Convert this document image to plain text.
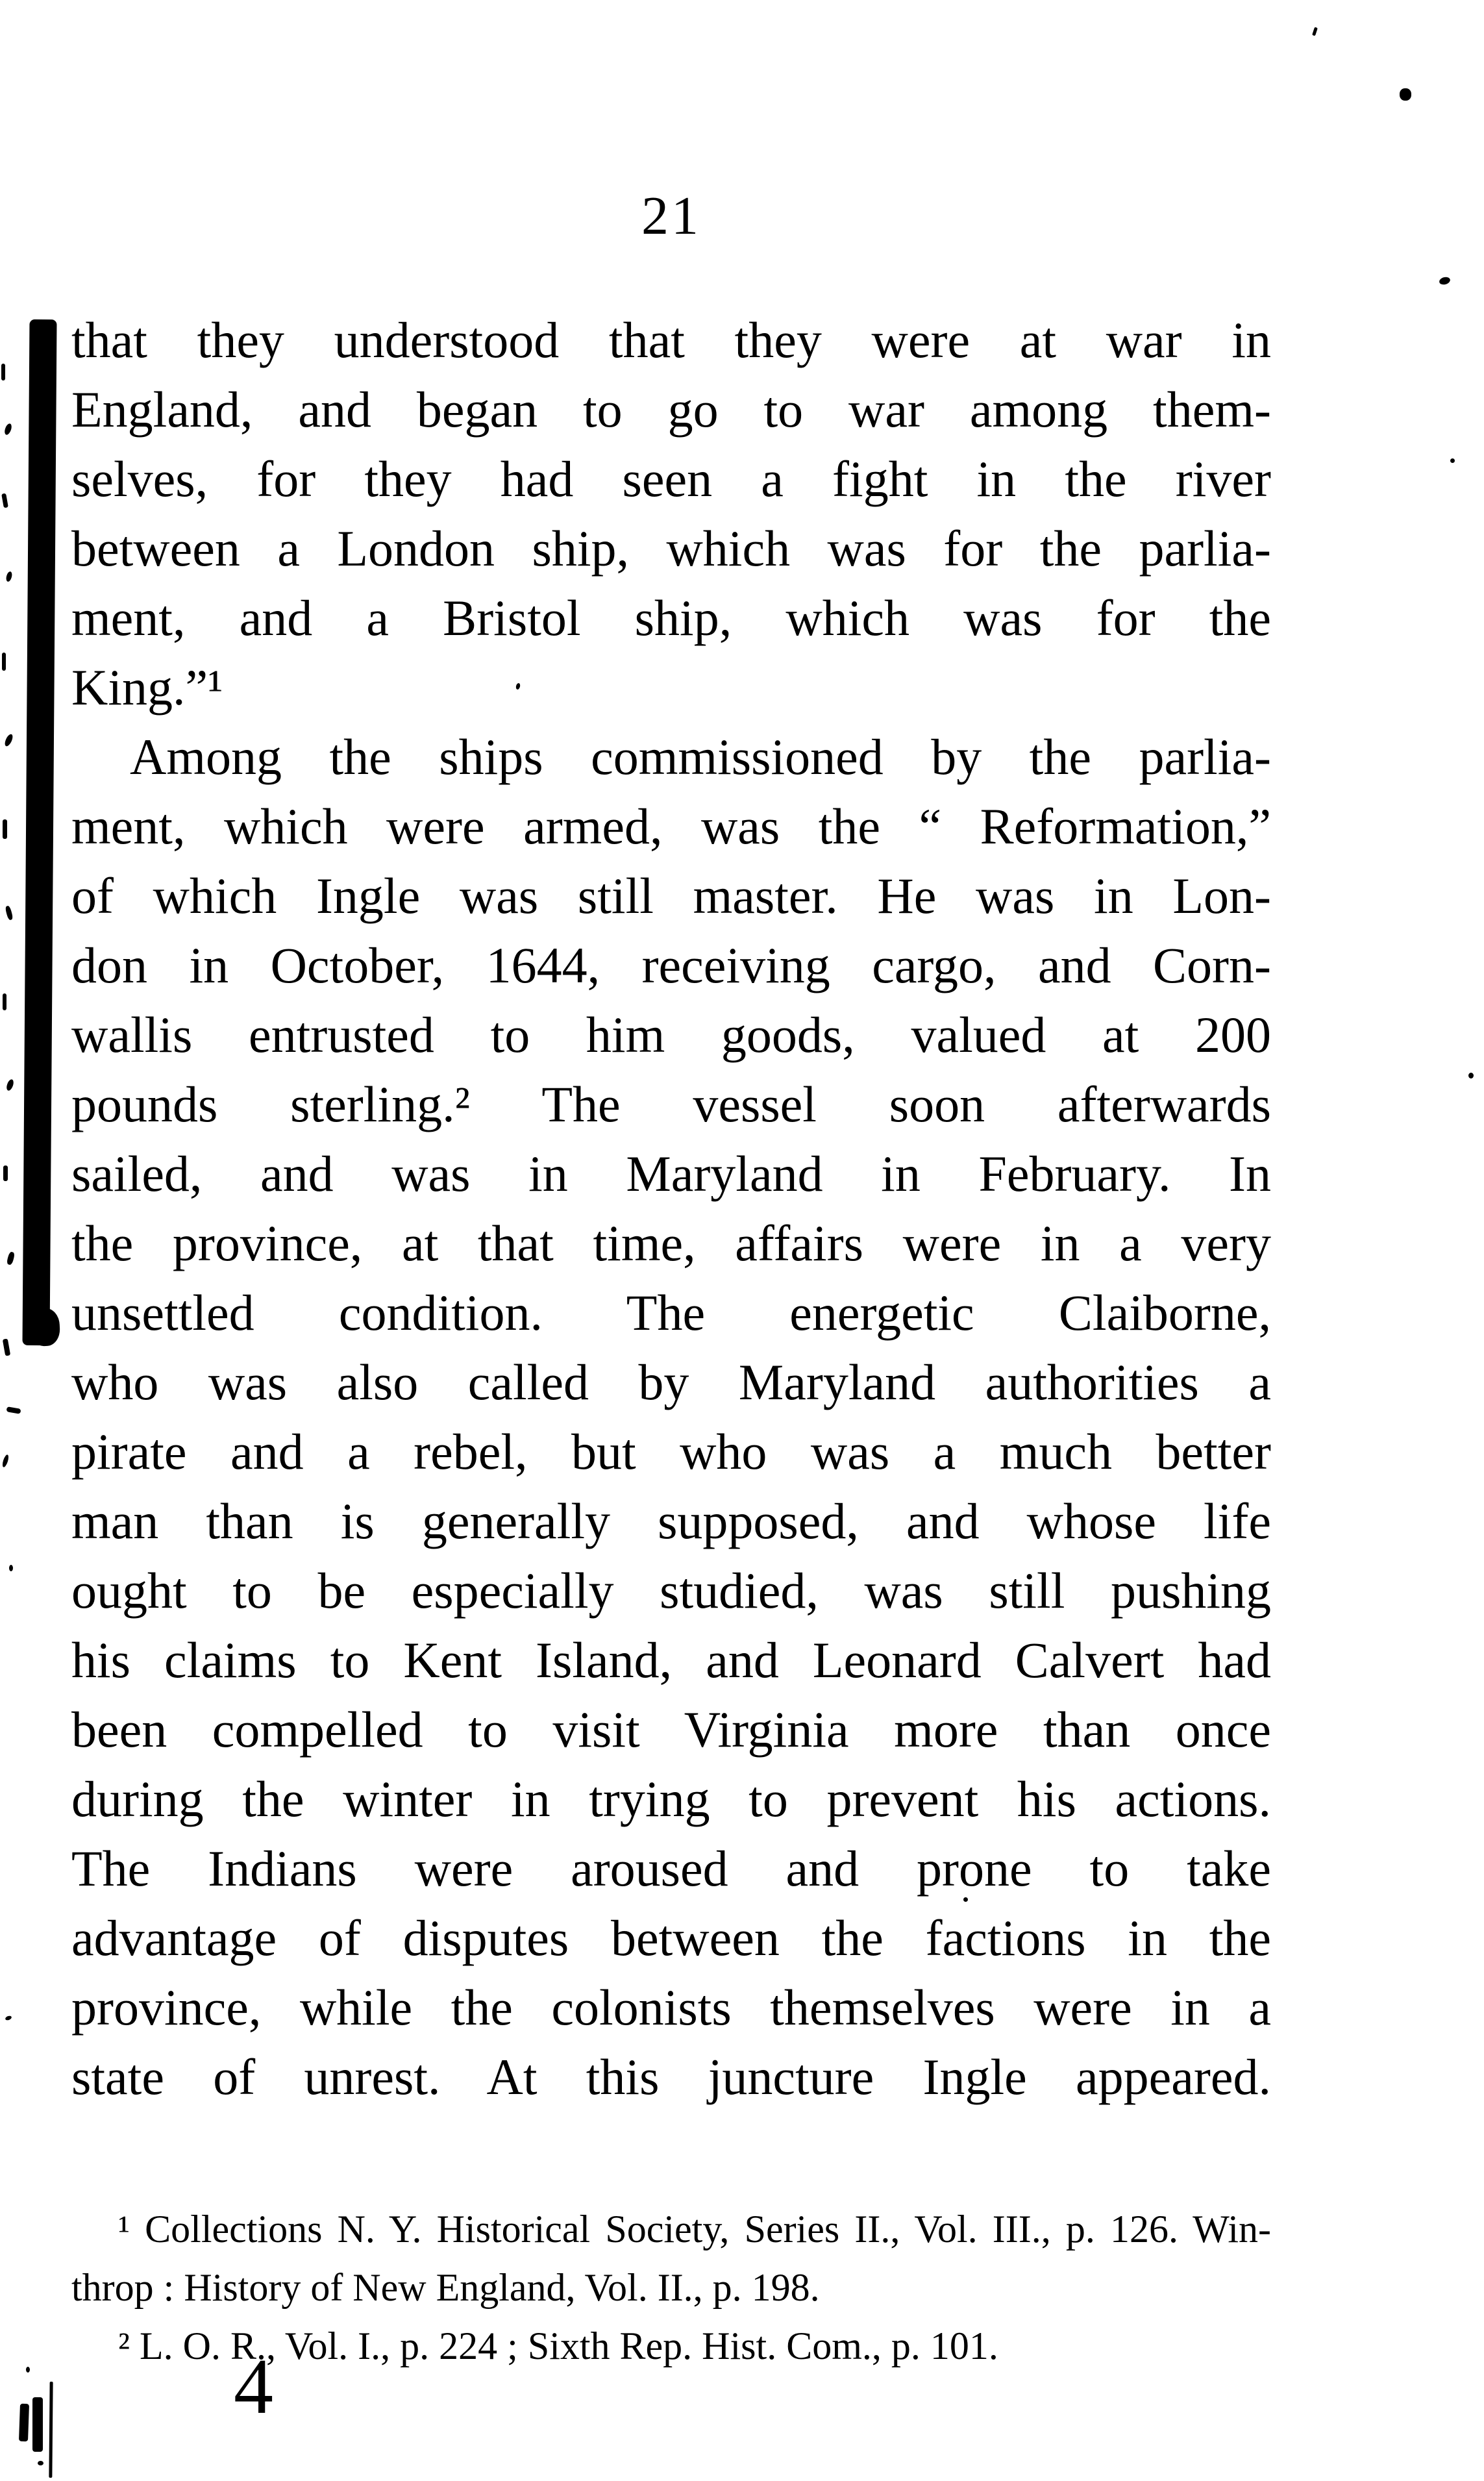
21
that they understood that they were at war in
England, and began to go to war among them-
selves, for they had seen a fight in the river
between a London ship, which was for the parlia-
ment, and a Bristol ship, which was for the
King.”¹
Among the ships commissioned by the parlia-
ment, which were armed, was the “ Reformation,”
of which Ingle was still master. He was in Lon-
don in October, 1644, receiving cargo, and Corn-
wallis entrusted to him goods, valued at 200
pounds sterling.² The vessel soon afterwards
sailed, and was in Maryland in February. In
the province, at that time, affairs were in a very
unsettled condition. The energetic Claiborne,
who was also called by Maryland authorities a
pirate and a rebel, but who was a much better
man than is generally supposed, and whose life
ought to be especially studied, was still pushing
his claims to Kent Island, and Leonard Calvert had
been compelled to visit Virginia more than once
during the winter in trying to prevent his actions.
The Indians were aroused and prone to take
advantage of disputes between the factions in the
province, while the colonists themselves were in a
state of unrest. At this juncture Ingle appeared.
¹ Collections N. Y. Historical Society, Series II., Vol. III., p. 126. Win-
throp : History of New England, Vol. II., p. 198.
² L. O. R., Vol. I., p. 224 ; Sixth Rep. Hist. Com., p. 101.
4
